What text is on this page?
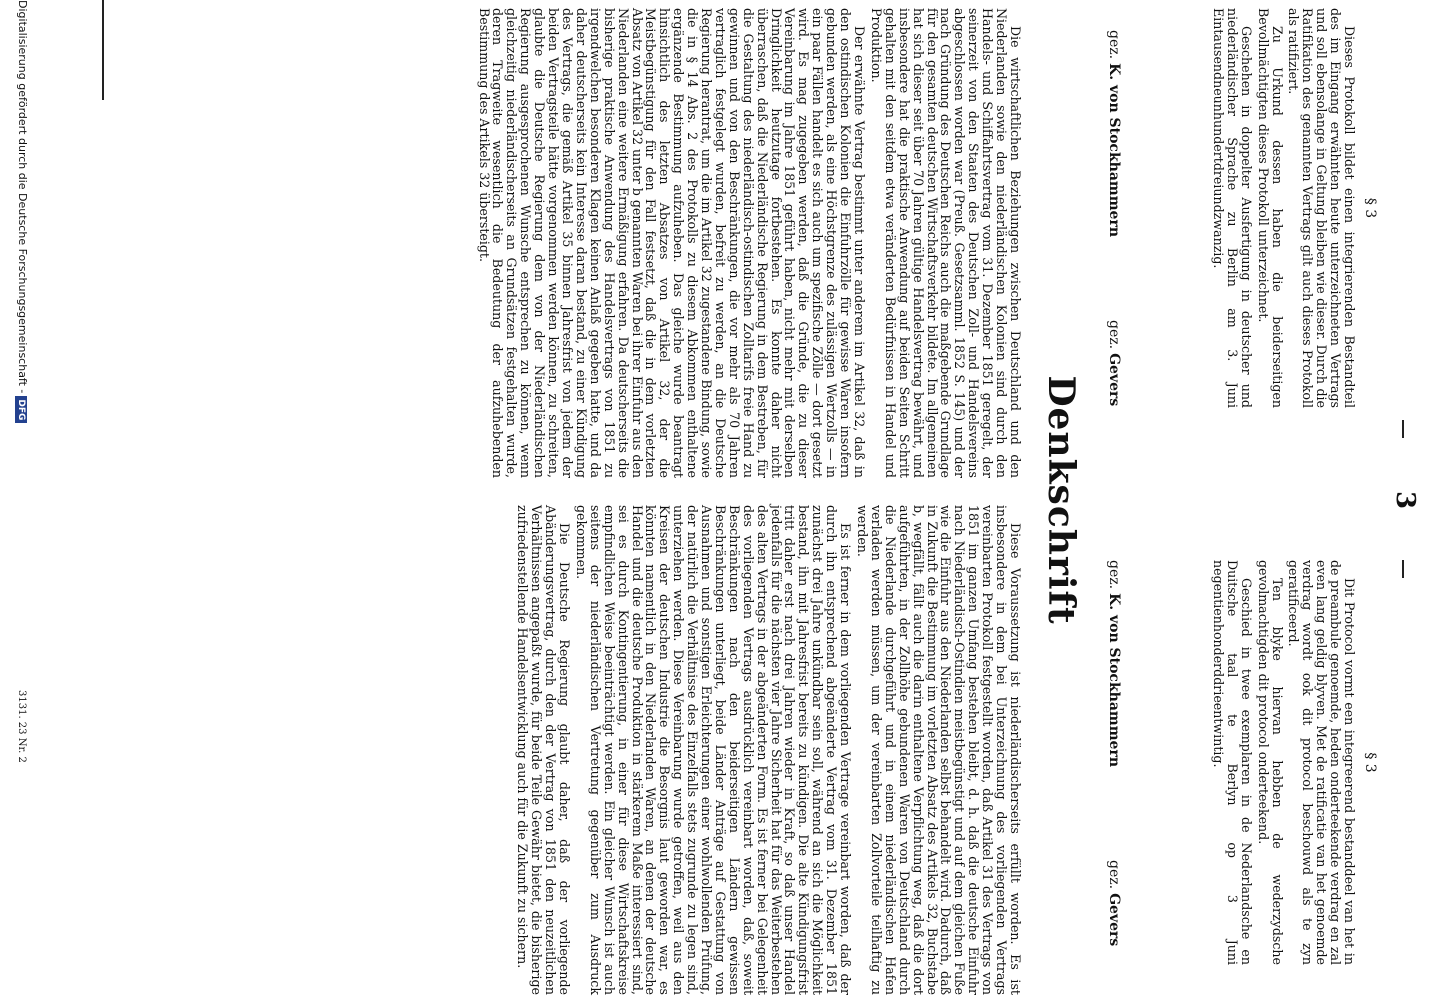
3
§ 3

Dieses Protokoll bildet einen integrierenden Bestandteil des im Eingang erwähnten heute unterzeichneten Vertrags und soll ebensolange in Geltung bleiben wie dieser. Durch die Ratifikation des genannten Vertrags gilt auch dieses Protokoll als ratifiziert.

Zu Urkund dessen haben die beiderseitigen Bevollmächtigten dieses Protokoll unterzeichnet.

Geschehen in doppelter Ausfertigung in deutscher und niederländischer Sprache zu Berlin am 3. Juni Eintausendneunhundertdreiundzwanzig.

§ 3

Dit Protocol vormt een integreerend bestanddeel van het in de preambule genoemde, heden onderteekende verdrag en zal even lang geldig blyven. Met de ratificatie van het genoemde verdrag wordt ook dit protocol beschouwd als te zyn geratificeerd.

Ten blyke hiervan hebben de wederzydsche gevolmachtigden dit protocol onderteekend.

Geschied in twee exemplaren in de Nederlandsche en Duitsche taal te Berlyn op 3 Juni negentienhonderddrieentwintig.

gez.K. von Stockhammern
gez.Gevers
gez.K. von Stockhammern
gez.Gevers
Denkschrift

Die wirtschaftlichen Beziehungen zwischen Deutschland und den Niederlanden sowie den niederländischen Kolonien sind durch den Handels- und Schiffahrtsvertrag vom 31. Dezember 1851 geregelt, der seinerzeit von den Staaten des Deutschen Zoll- und Handelsvereins abgeschlossen worden war (Preuß. Gesetzsamml. 1852 S. 145) und der nach Gründung des Deutschen Reichs auch die maßgebende Grundlage für den gesamten deutschen Wirtschaftsverkehr bildete. Im allgemeinen hat sich dieser seit über 70 Jahren gültige Handelsvertrag bewährt, und insbesondere hat die praktische Anwendung auf beiden Seiten Schritt gehalten mit den seitdem etwa veränderten Bedürfnissen in Handel und Produktion.

Der erwähnte Vertrag bestimmt unter anderem im Artikel 32, daß in den ostindischen Kolonien die Einfuhrzölle für gewisse Waren insofern gebunden werden, als eine Höchstgrenze des zulässigen Wertzolls — in ein paar Fällen handelt es sich auch um spezifische Zölle — dort gesetzt wird. Es mag zugegeben werden, daß die Gründe, die zu dieser Vereinbarung im Jahre 1851 geführt haben, nicht mehr mit derselben Dringlichkeit heutzutage fortbestehen. Es konnte daher nicht überraschen, daß die Niederländische Regierung in dem Bestreben, für die Gestaltung des niederländisch-ostindischen Zolltarifs freie Hand zu gewinnen und von den Beschränkungen, die vor mehr als 70 Jahren vertraglich festgelegt wurden, befreit zu werden, an die Deutsche Regierung herantrat, um die im Artikel 32 zugestandene Bindung, sowie die in § 14 Abs. 2 des Protokolls zu diesem Abkommen enthaltene ergänzende Bestimmung aufzuheben. Das gleiche wurde beantragt hinsichtlich des letzten Absatzes von Artikel 32, der die Meistbegünstigung für den Fall festsetzt, daß die in dem vorletzten Absatz von Artikel 32 unter b genannten Waren bei ihrer Einfuhr aus den Niederlanden eine weitere Ermäßigung erfahren. Da deutscherseits die bisherige praktische Anwendung des Handelsvertrags von 1851 zu irgendwelchen besonderen Klagen keinen Anlaß gegeben hatte, und da daher deutscherseits kein Interesse daran bestand, zu einer Kündigung des Vertrags, die gemäß Artikel 35 binnen Jahresfrist von jedem der beiden Vertragsteile hätte vorgenommen werden können, zu schreiten, glaubte die Deutsche Regierung dem von der Niederländischen Regierung ausgesprochenen Wunsche entsprechen zu können, wenn gleichzeitig niederländischerseits an Grundsätzen festgehalten wurde, deren Tragweite wesentlich die Bedeutung der aufzuhebenden Bestimmung des Artikels 32 übersteigt.

Diese Voraussetzung ist niederländischerseits erfüllt worden. Es ist insbesondere in dem bei Unterzeichnung des vorliegenden Vertrags vereinbarten Protokoll festgestellt worden, daß Artikel 31 des Vertrags von 1851 im ganzen Umfang bestehen bleibt, d. h. daß die deutsche Einfuhr nach Niederländisch-Ostindien meistbegünstigt und auf dem gleichen Fuße wie die Einfuhr aus den Niederlanden selbst behandelt wird. Dadurch, daß in Zukunft die Bestimmung im vorletzten Absatz des Artikels 32, Buchstabe b, wegfällt, fällt auch die darin enthaltene Verpflichtung weg, daß die dort aufgeführten, in der Zollhöhe gebundenen Waren von Deutschland durch die Niederlande durchgeführt und in einem niederländischen Hafen verladen werden müssen, um der vereinbarten Zollvorteile teilhaftig zu werden.

Es ist ferner in dem vorliegenden Vertrage vereinbart worden, daß der durch ihn entsprechend abgeänderte Vertrag vom 31. Dezember 1851 zunächst drei Jahre unkündbar sein soll, während an sich die Möglichkeit bestand, ihn mit Jahresfrist bereits zu kündigen. Die alte Kündigungsfrist tritt daher erst nach drei Jahren wieder in Kraft, so daß unser Handel jedenfalls für die nächsten vier Jahre Sicherheit hat für das Weiterbestehen des alten Vertrags in der abgeänderten Form. Es ist ferner bei Gelegenheit des vorliegenden Vertrags ausdrücklich vereinbart worden, daß, soweit Beschränkungen nach den beiderseitigen Ländern gewissen Beschränkungen unterliegt, beide Länder Anträge auf Gestattung von Ausnahmen und sonstigen Erleichterungen einer wohlwollenden Prüfung, der natürlich die Verhältnisse des Einzelfalls stets zugrunde zu legen sind, unterziehen werden. Diese Vereinbarung wurde getroffen, weil aus den Kreisen der deutschen Industrie die Besorgnis laut geworden war, es könnten namentlich in den Niederlanden Waren, an denen der deutsche Handel und die deutsche Produktion in stärkerem Maße interessiert sind, sei es durch Kontingentierung, in einer für diese Wirtschaftskreise empfindlichen Weise beeinträchtigt werden. Ein gleicher Wunsch ist auch seitens der niederländischen Vertretung gegenüber zum Ausdruck gekommen.

Die Deutsche Regierung glaubt daher, daß der vorliegende Abänderungsvertrag, durch den der Vertrag von 1851 den neuzeitlichen Verhältnissen angepaßt wurde, für beide Teile Gewähr bietet, die bisherige zufriedenstellende Handelsentwicklung auch für die Zukunft zu sichern.

Digitalisierung gefördert durch die Deutsche Forschungsgemeinschaft -DFG
3131. 23 Nr. 2
